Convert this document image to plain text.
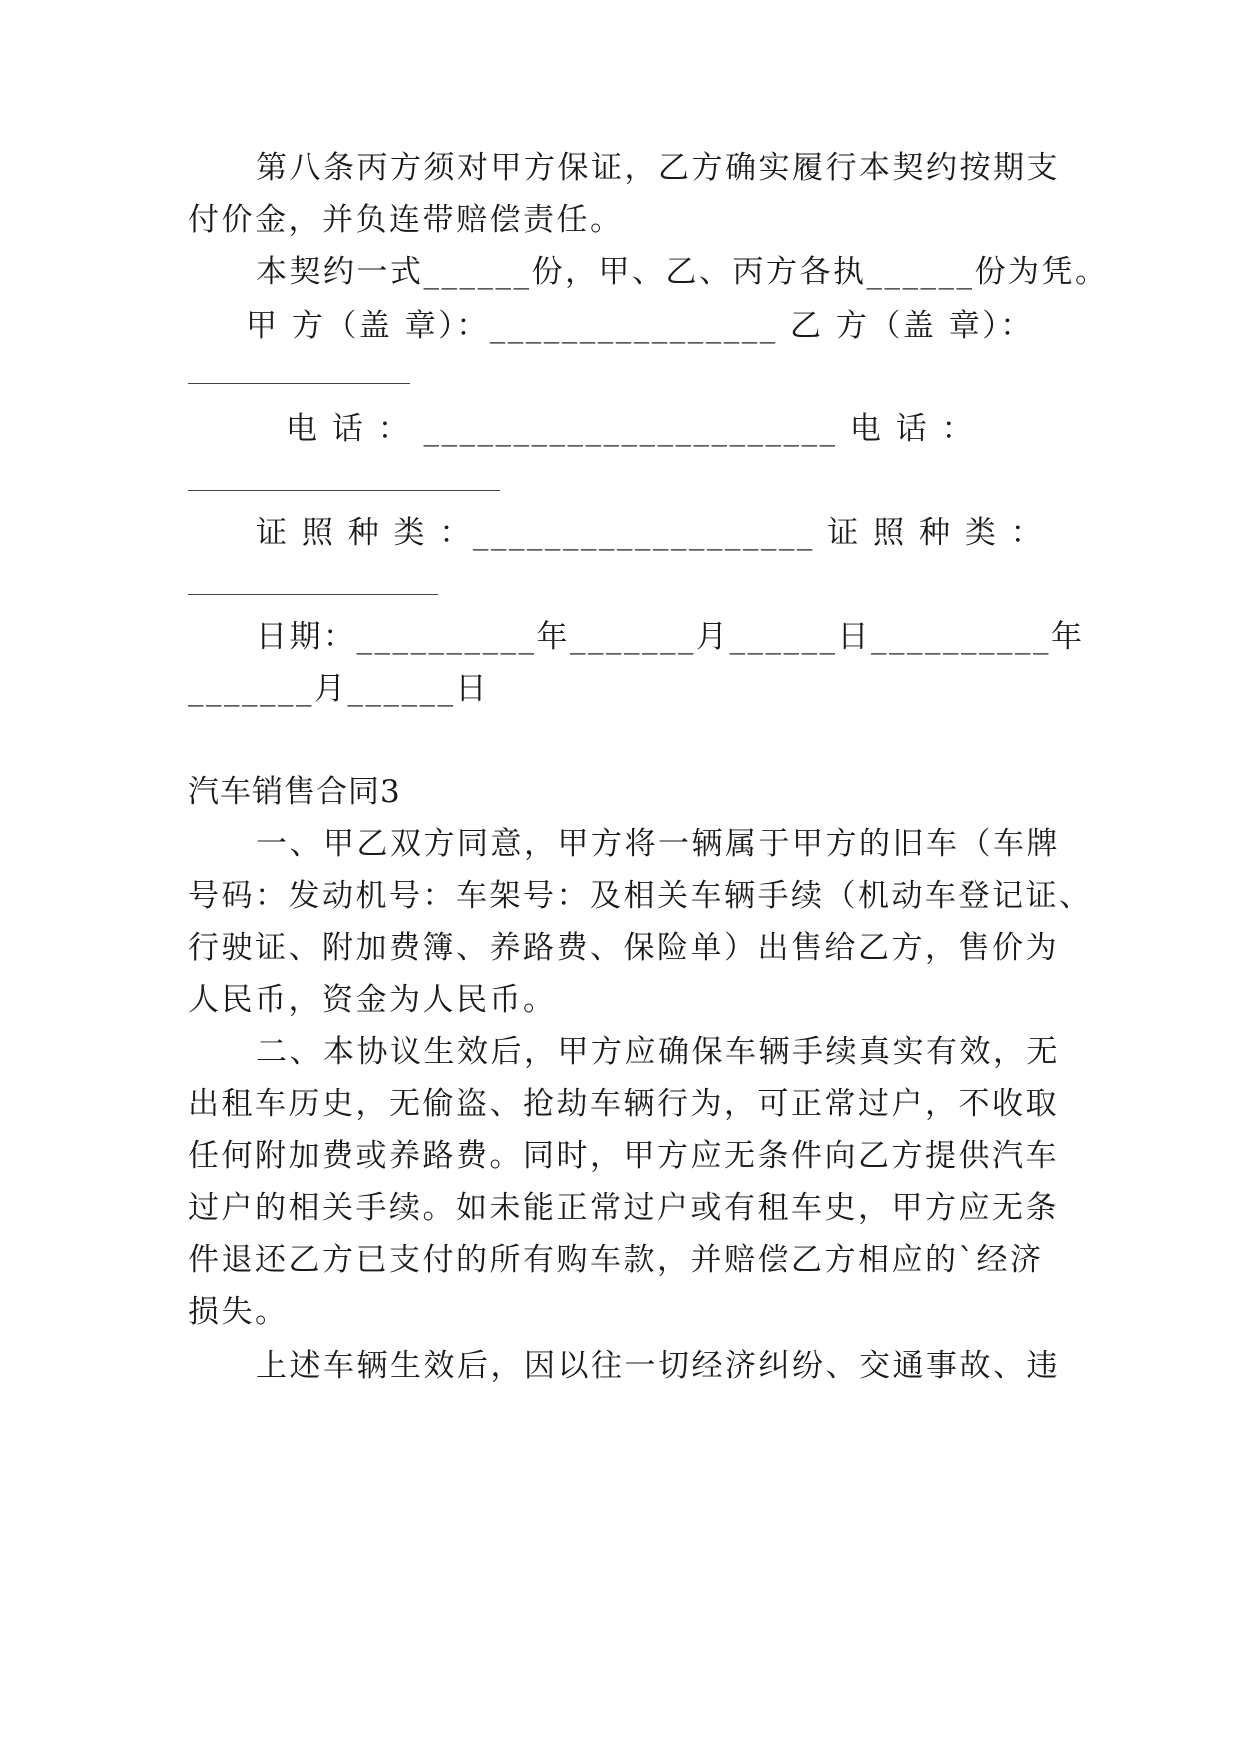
第八条丙方须对甲方保证，乙方确实履行本契约按期支
付价金，并负连带赔偿责任。
本契约一式______份，甲、乙、丙方各执______份为凭。
甲 方（盖 章）：________________ 乙 方（盖 章）：
电 话 ： _______________________ 电 话 ：
证 照 种 类 ：___________________ 证 照 种 类 ：
日期：__________年_______月______日__________年
_______月______日
汽车销售合同3
一、甲乙双方同意，甲方将一辆属于甲方的旧车（车牌
号码：发动机号：车架号：及相关车辆手续（机动车登记证、
行驶证、附加费簿、养路费、保险单）出售给乙方，售价为
人民币，资金为人民币。
二、本协议生效后，甲方应确保车辆手续真实有效，无
出租车历史，无偷盗、抢劫车辆行为，可正常过户，不收取
任何附加费或养路费。同时，甲方应无条件向乙方提供汽车
过户的相关手续。如未能正常过户或有租车史，甲方应无条
件退还乙方已支付的所有购车款，并赔偿乙方相应的`经济
损失。
上述车辆生效后，因以往一切经济纠纷、交通事故、违
